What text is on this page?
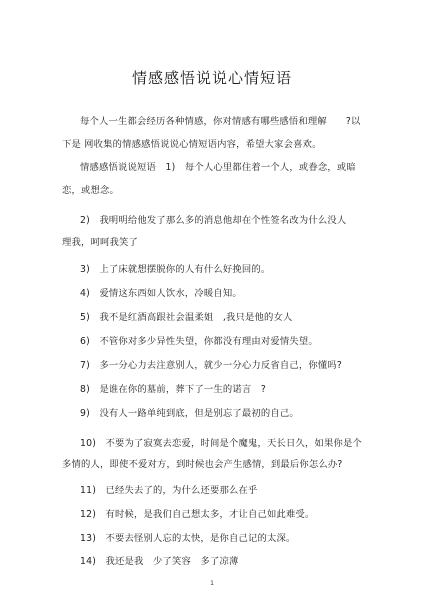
情感感悟说说心情短语
每个人一生都会经历各种情感，你对情感有哪些感悟和理解　　?以
下是 网收集的情感感悟说说心情短语内容，希望大家会喜欢。
情感感悟说说短语　1)　每个人心里都住着一个人，或眷念，或暗
恋，或想念。
2)　我明明给他发了那么多的消息他却在个性签名改为什么没人
理我，呵呵我笑了
3)　上了床就想摆脱你的人有什么好挽回的。
4)　爱情这东西如人饮水，冷暖自知。
5)　我不是红酒高跟社会温柔姐　,我只是他的女人
6)　不管你对多少异性失望，你都没有理由对爱情失望。
7)　多一分心力去注意别人，就少一分心力反省自己，你懂吗?
8)　是谁在你的墓前，葬下了一生的诺言　?
9)　没有人一路单纯到底，但是别忘了最初的自己。
10)　不要为了寂寞去恋爱，时间是个魔鬼，天长日久，如果你是个
多情的人，即使不爱对方，到时候也会产生感情，到最后你怎么办?
11)　已经失去了的，为什么还要那么在乎
12)　有时候，是我们自己想太多，才让自己如此难受。
13)　不要去怪别人忘的太快，是你自己记的太深。
14)　我还是我　少了笑容　多了凉薄
1
